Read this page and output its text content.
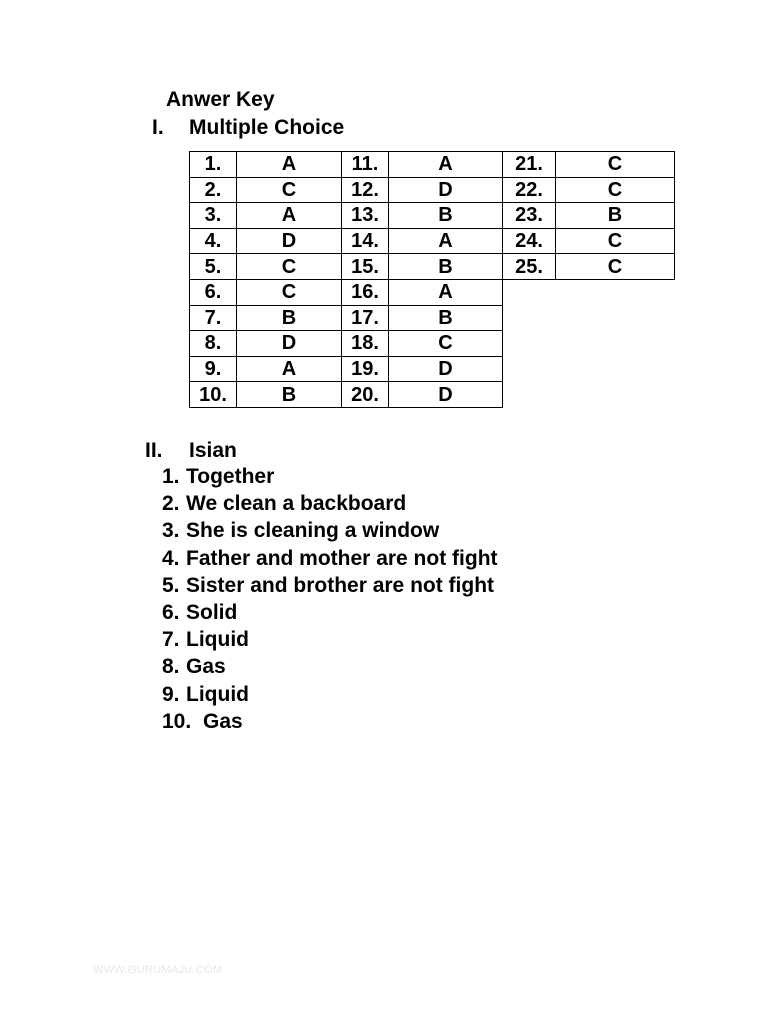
Anwer Key
I. Multiple Choice
1.	A	11.	A	21.	C
2.	C	12.	D	22.	C
3.	A	13.	B	23.	B
4.	D	14.	A	24.	C
5.	C	15.	B	25.	C
6.	C	16.	A		
7.	B	17.	B		
8.	D	18.	C		
9.	A	19.	D		
10.	B	20.	D		
II. Isian
1. Together
2. We clean a backboard
3. She is cleaning a window
4. Father and mother are not fight
5. Sister and brother are not fight
6. Solid
7. Liquid
8. Gas
9. Liquid
10. Gas
WWW.GURUMAJU.COM
